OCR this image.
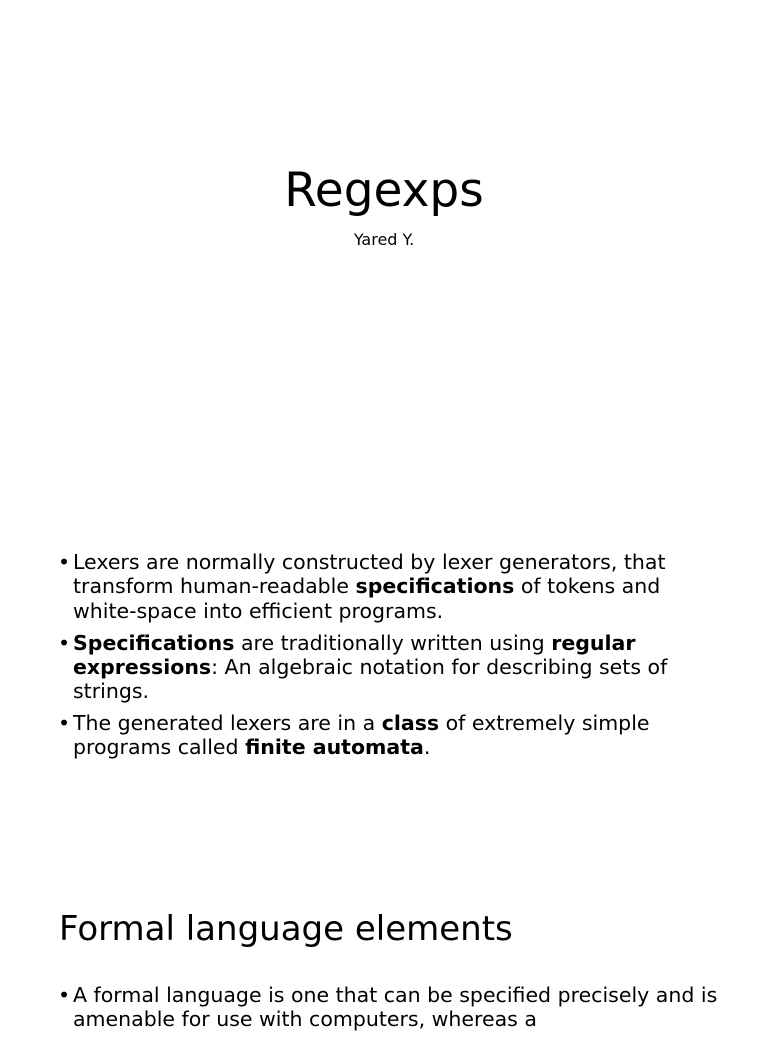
Regexps

Yared Y.

• Lexers are normally constructed by lexer generators, that transform human-readable specifications of tokens and white-space into efficient programs.
• Specifications are traditionally written using regular expressions: An algebraic notation for describing sets of strings.
• The generated lexers are in a class of extremely simple programs called finite automata.
Formal language elements
• A formal language is one that can be specified precisely and is amenable for use with computers, whereas a
